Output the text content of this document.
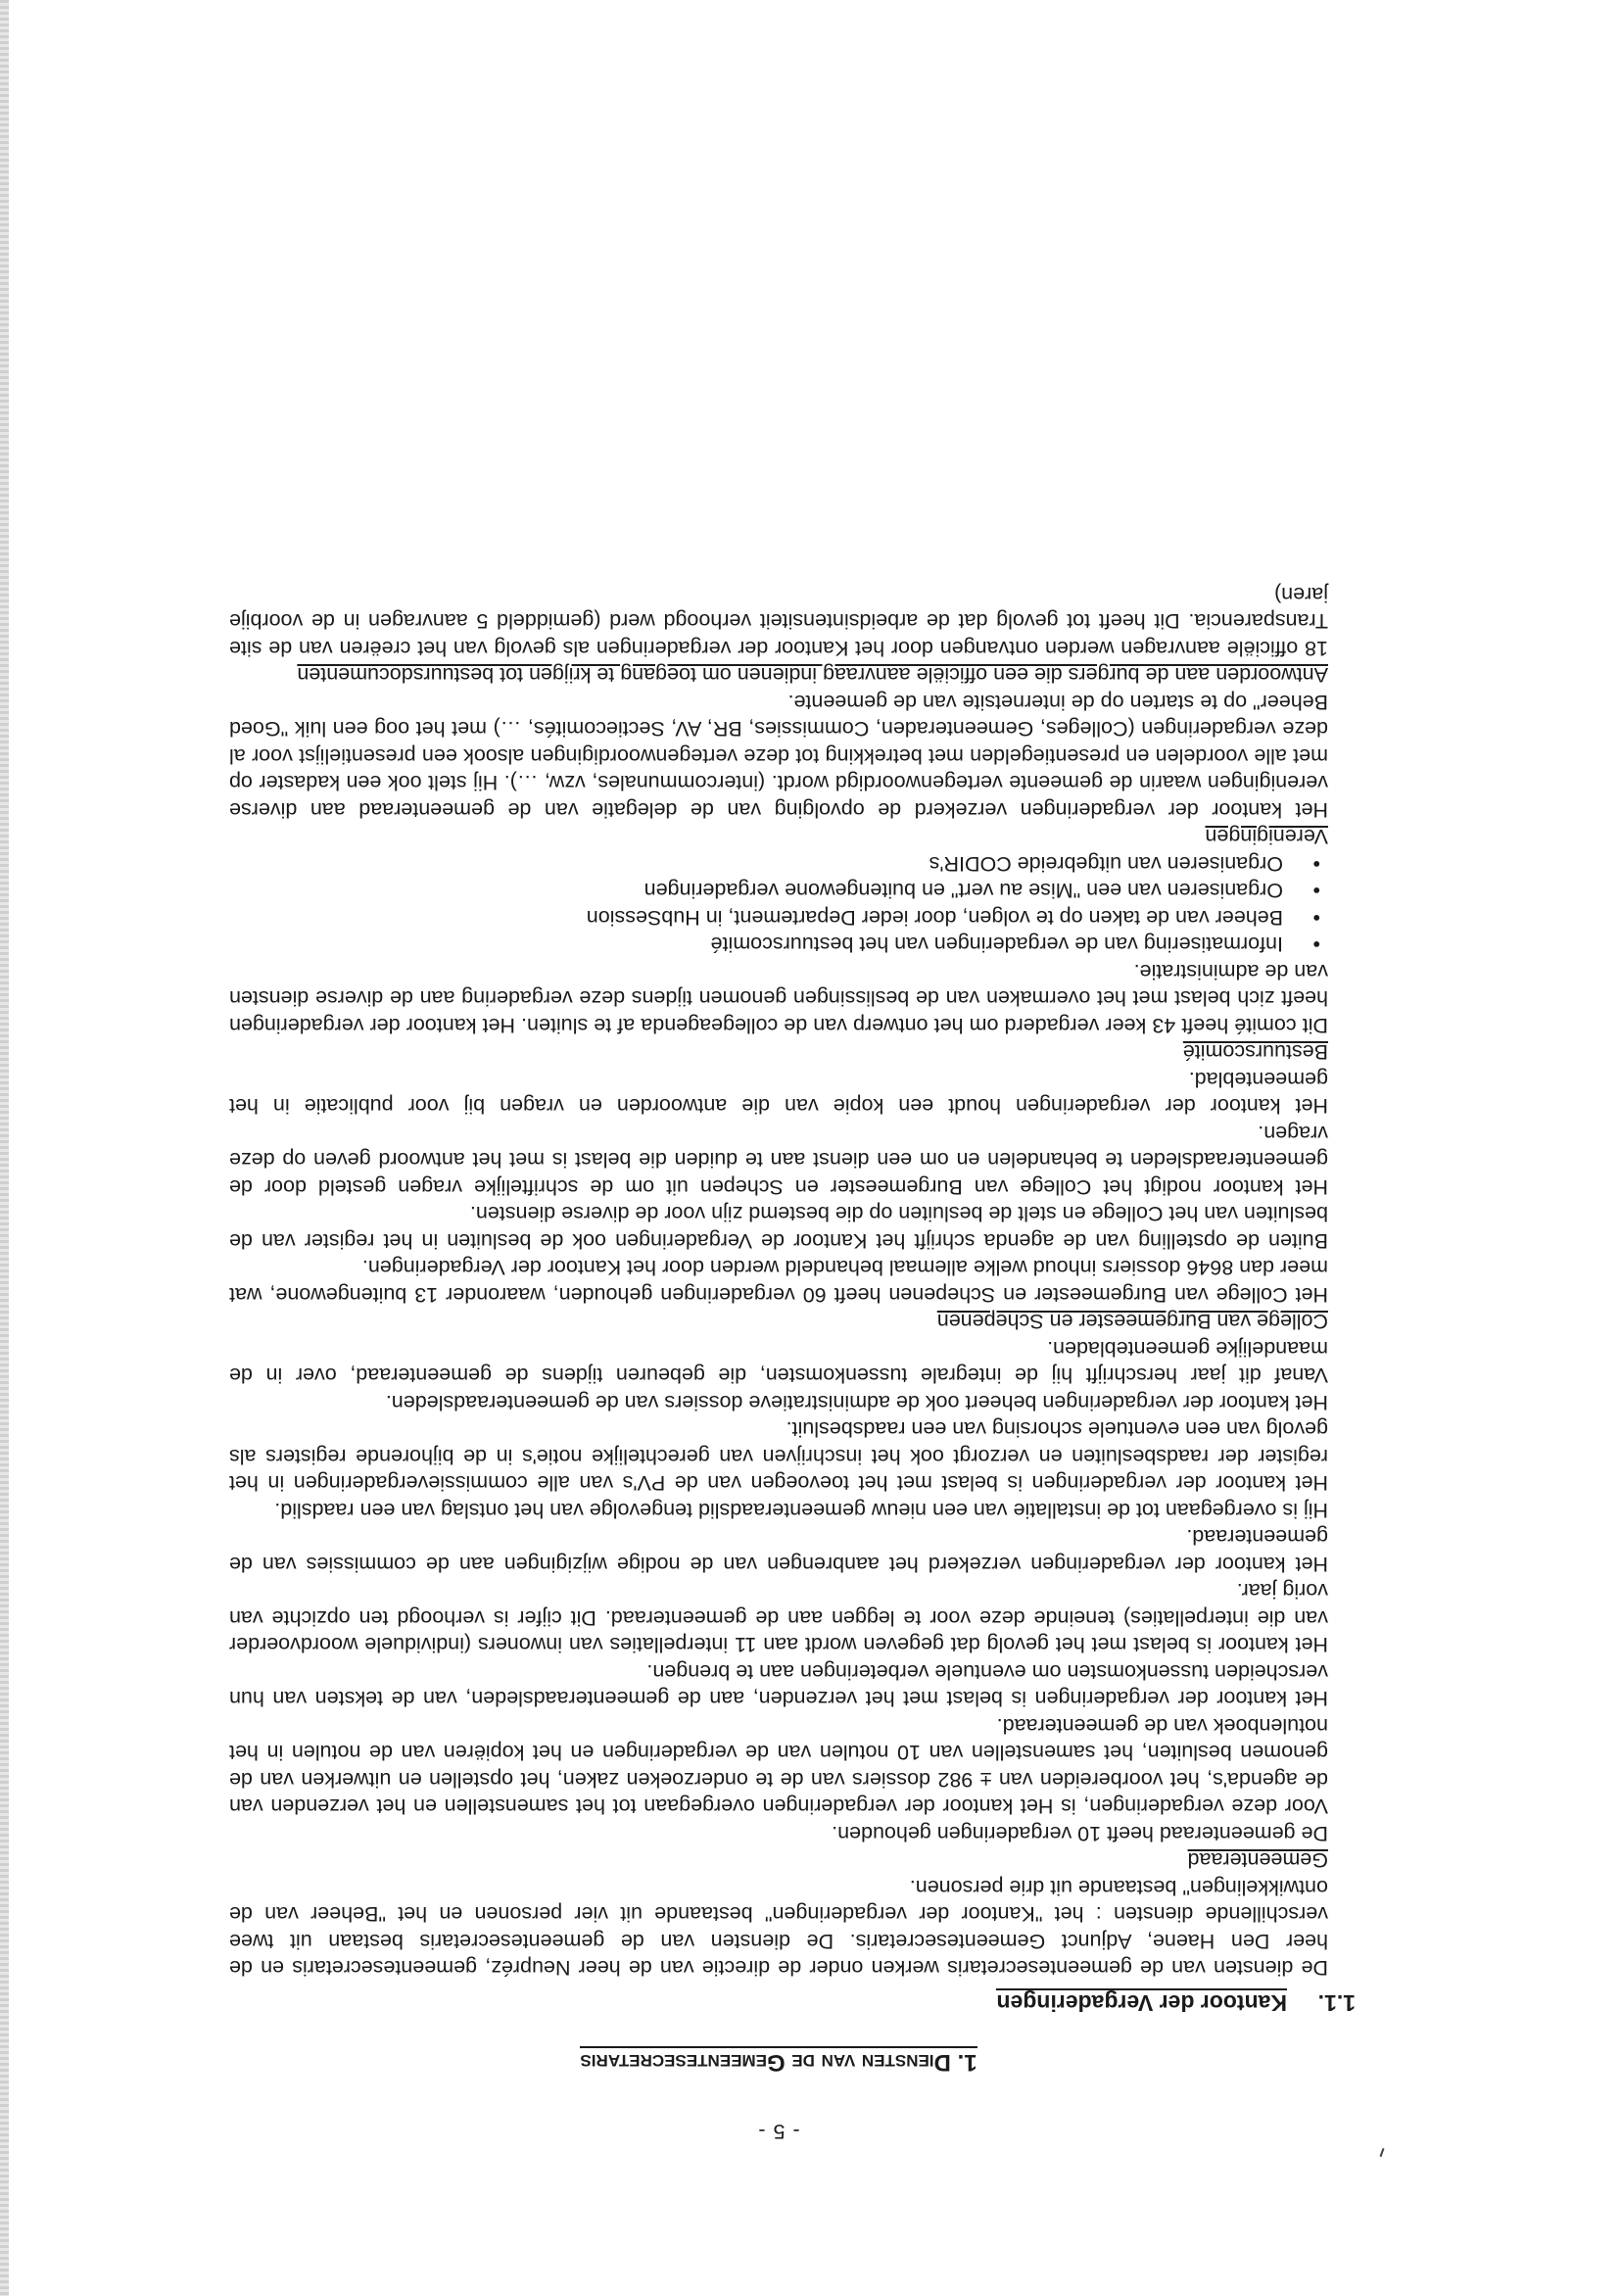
- 5 -
1. Diensten van de Gemeentesecretaris
1.1.Kantoor der Vergaderingen

De diensten van de gemeentesecretaris werken onder de directie van de heer Neupréz, gemeentesecretaris en de heer Den Haene, Adjunct Gemeentesecretaris. De diensten van de gemeentesecretaris bestaan uit twee verschillende diensten : het "Kantoor der vergaderingen" bestaande uit vier personen en het "Beheer van de ontwikkelingen" bestaande uit drie personen.

Gemeenteraad

De gemeenteraad heeft 10 vergaderingen gehouden.

Voor deze vergaderingen, is Het kantoor der vergaderingen overgegaan tot het samenstellen en het verzenden van de agenda's, het voorbereiden van ± 982 dossiers van de te onderzoeken zaken, het opstellen en uitwerken van de genomen besluiten, het samenstellen van 10 notulen van de vergaderingen en het kopiëren van de notulen in het notulenboek van de gemeenteraad.

Het kantoor der vergaderingen is belast met het verzenden, aan de gemeenteraadsleden, van de teksten van hun verscheiden tussenkomsten om eventuele verbeteringen aan te brengen.

Het kantoor is belast met het gevolg dat gegeven wordt aan 11 interpellaties van inwoners (individuele woordvoerder van die interpellaties) teneinde deze voor te leggen aan de gemeenteraad. Dit cijfer is verhoogd ten opzichte van vorig jaar.

Het kantoor der vergaderingen verzekerd het aanbrengen van de nodige wijzigingen aan de commissies van de gemeenteraad.

Hij is overgegaan tot de installatie van een nieuw gemeenteraadslid tengevolge van het ontslag van een raadslid.

Het kantoor der vergaderingen is belast met het toevoegen van de PV's van alle commissievergaderingen in het register der raadsbesluiten en verzorgt ook het inschrijven van gerechtelijke notie's in de bijhorende registers als gevolg van een eventuele schorsing van een raadsbesluit.

Het kantoor der vergaderingen beheert ook de administratieve dossiers van de gemeenteraadsleden.

Vanaf dit jaar herschrijft hij de integrale tussenkomsten, die gebeuren tijdens de gemeenteraad, over in de maandelijke gemeentebladen.

College van Burgemeester en Schepenen

Het College van Burgemeester en Schepenen heeft 60 vergaderingen gehouden, waaronder 13 buitengewone, wat meer dan 8646 dossiers inhoud welke allemaal behandeld werden door het Kantoor der Vergaderingen.

Buiten de opstelling van de agenda schrijft het Kantoor de Vergaderingen ook de besluiten in het register van de besluiten van het College en stelt de besluiten op die bestemd zijn voor de diverse diensten.

Het kantoor nodigt het College van Burgemeester en Schepen uit om de schriftelijke vragen gesteld door de gemeenteraadsleden te behandelen en om een dienst aan te duiden die belast is met het antwoord geven op deze vragen.

Het kantoor der vergaderingen houdt een kopie van die antwoorden en vragen bij voor publicatie in het gemeenteblad.

Bestuurscomité

Dit comité heeft 43 keer vergaderd om het ontwerp van de collegeagenda af te sluiten. Het kantoor der vergaderingen heeft zich belast met het overmaken van de beslissingen genomen tijdens deze vergadering aan de diverse diensten van de administratie.

• Informatisering van de vergaderingen van het bestuurscomité
• Beheer van de taken op te volgen, door ieder Departement, in HubSession
• Organiseren van een "Mise au vert" en buitengewone vergaderingen
• Organiseren van uitgebreide CODIR's

Verenigingen

Het kantoor der vergaderingen verzekerd de opvolging van de delegatie van de gemeenteraad aan diverse verenigingen waarin de gemeente vertegenwoordigd wordt. (intercommunales, vzw, …). Hij stelt ook een kadaster op met alle voordelen en presentiegelden met betrekking tot deze vertegenwoordigingen alsook een presentielijst voor al deze vergaderingen (Colleges, Gemeenteraden, Commissies, BR, AV, Sectiecomités, …) met het oog een luik "Goed Beheer" op te starten op de internetsite van de gemeente.

Antwoorden aan de burgers die een officiële aanvraag indienen om toegang te krijgen tot bestuursdocumenten

18 officiële aanvragen werden ontvangen door het Kantoor der vergaderingen als gevolg van het creëren van de site Transparencia. Dit heeft tot gevolg dat de arbeidsintensiteit verhoogd werd (gemiddeld 5 aanvragen in de voorbije jaren)
